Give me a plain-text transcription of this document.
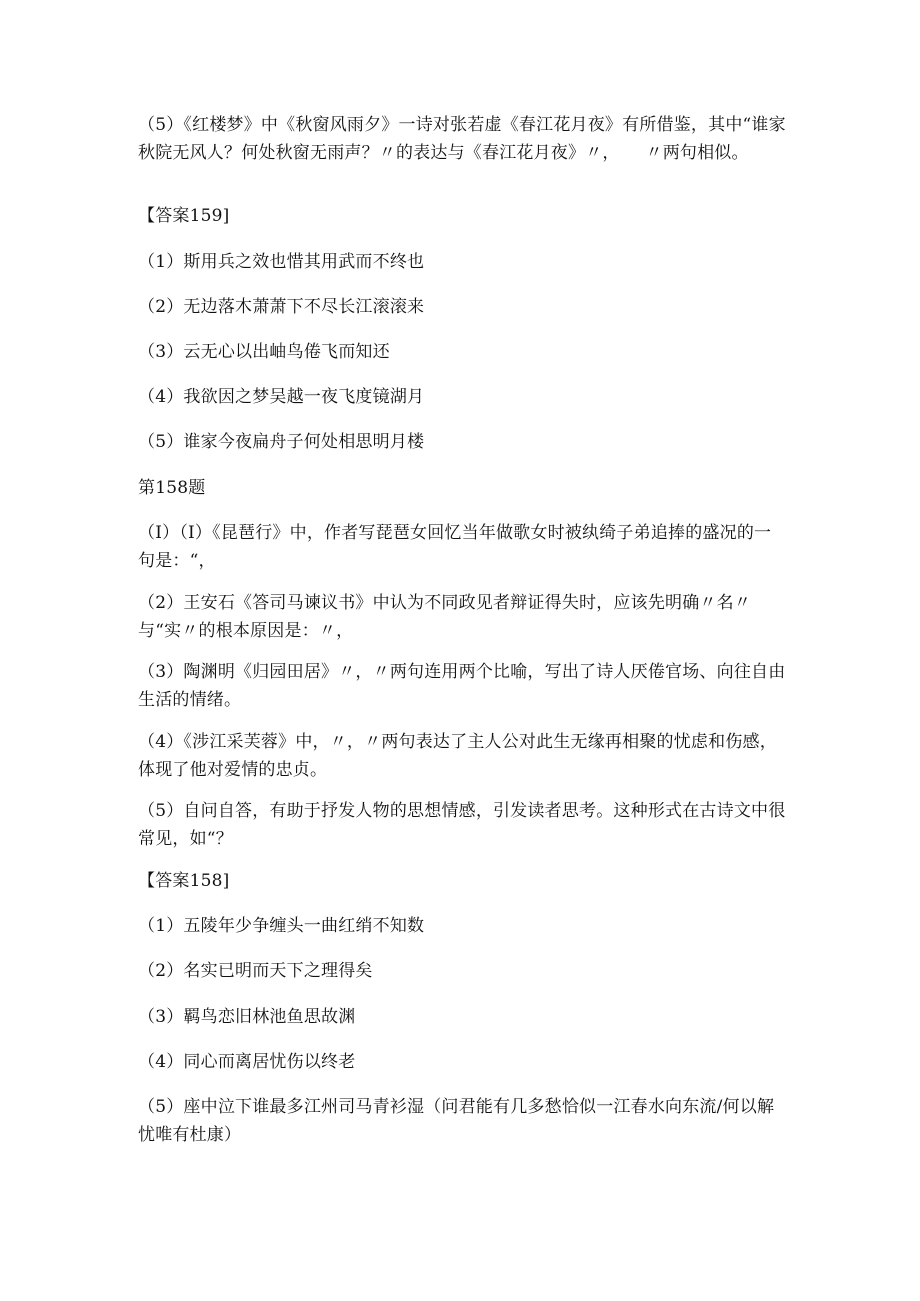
（5）《红楼梦》中《秋窗风雨夕》一诗对张若虚《春江花月夜》有所借鉴，其中“谁家秋院无风人？何处秋窗无雨声？〃的表达与《春江花月夜》〃，　　〃两句相似。
【答案159]
（1）斯用兵之效也惜其用武而不终也
（2）无边落木萧萧下不尽长江滚滚来
（3）云无心以出岫鸟倦飞而知还
（4）我欲因之梦吴越一夜飞度镜湖月
（5）谁家今夜扁舟子何处相思明月楼
第158题
（I）（I）《昆琶行》中，作者写琵琶女回忆当年做歌女时被纨绮子弟追捧的盛况的一句是：“，
（2）王安石《答司马谏议书》中认为不同政见者辩证得失时，应该先明确〃名〃与“实〃的根本原因是：〃，
（3）陶渊明《归园田居》〃，〃两句连用两个比喻，写出了诗人厌倦官场、向往自由生活的情绪。
（4）《涉江采芙蓉》中，〃，〃两句表达了主人公对此生无缘再相聚的忧虑和伤感，体现了他对爱情的忠贞。
（5）自问自答，有助于抒发人物的思想情感，引发读者思考。这种形式在古诗文中很常见，如“？
【答案158]
（1）五陵年少争缠头一曲红绡不知数
（2）名实已明而天下之理得矣
（3）羁鸟恋旧林池鱼思故渊
（4）同心而离居忧伤以终老
（5）座中泣下谁最多江州司马青衫湿（问君能有几多愁恰似一江春水向东流/何以解忧唯有杜康）
